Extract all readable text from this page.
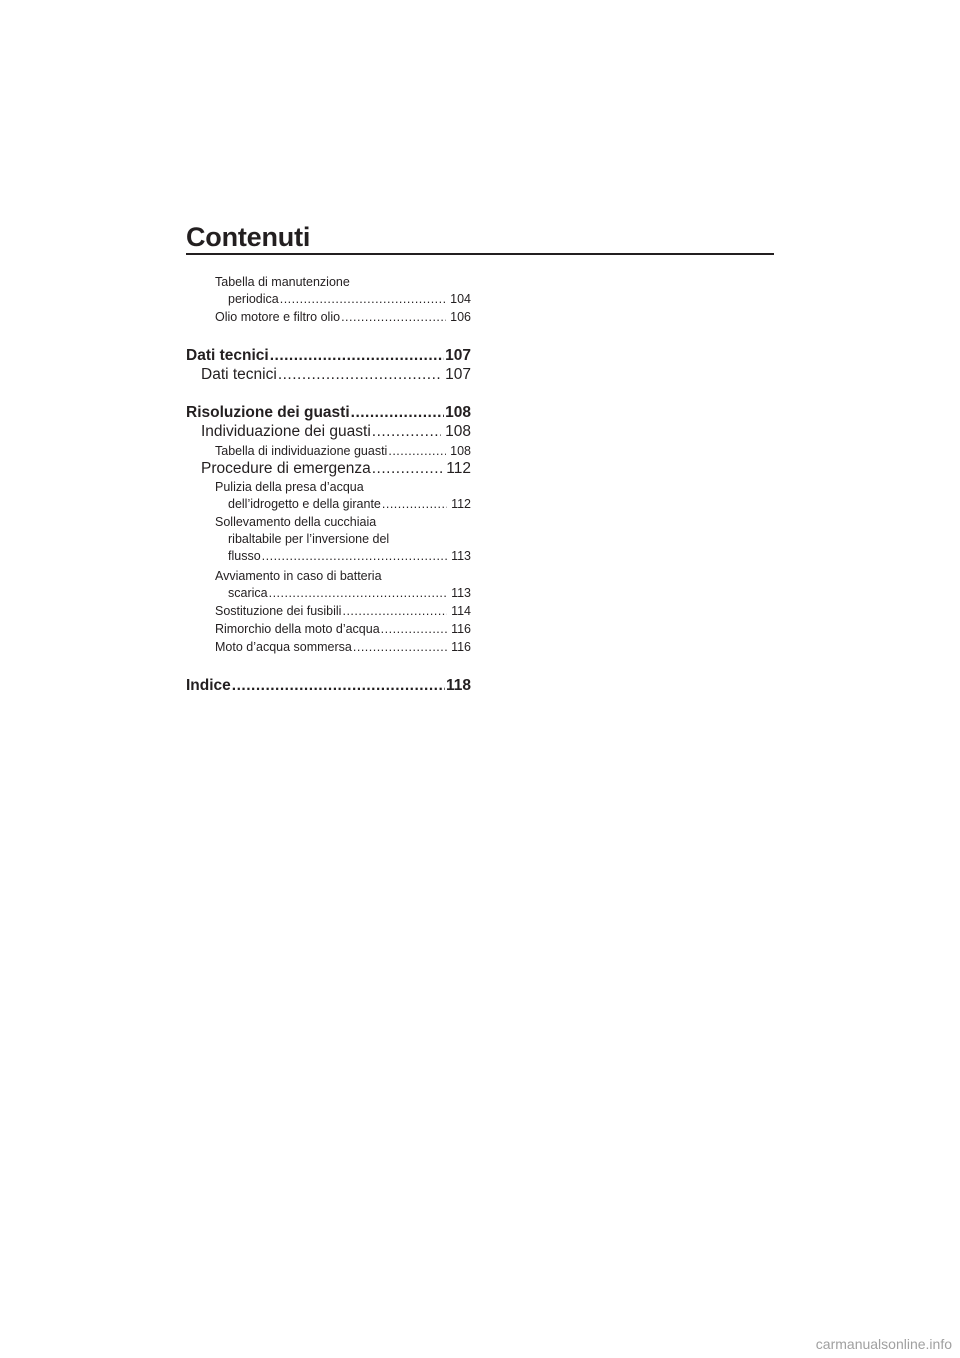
Contenuti
Tabella di manutenzione
periodica .....	104
Olio motore e filtro olio .....	106
Dati tecnici .....	107
Dati tecnici .....	107
Risoluzione dei guasti .....	108
Individuazione dei guasti .....	108
Tabella di individuazione guasti .....	108
Procedure di emergenza .....	112
Pulizia della presa d’acqua
dell’idrogetto e della girante .....	112
Sollevamento della cucchiaia
ribaltabile per l’inversione del
flusso .....	113
Avviamento in caso di batteria
scarica .....	113
Sostituzione dei fusibili .....	114
Rimorchio della moto d’acqua .....	116
Moto d’acqua sommersa .....	116
Indice .....	118
carmanualsonline.info
